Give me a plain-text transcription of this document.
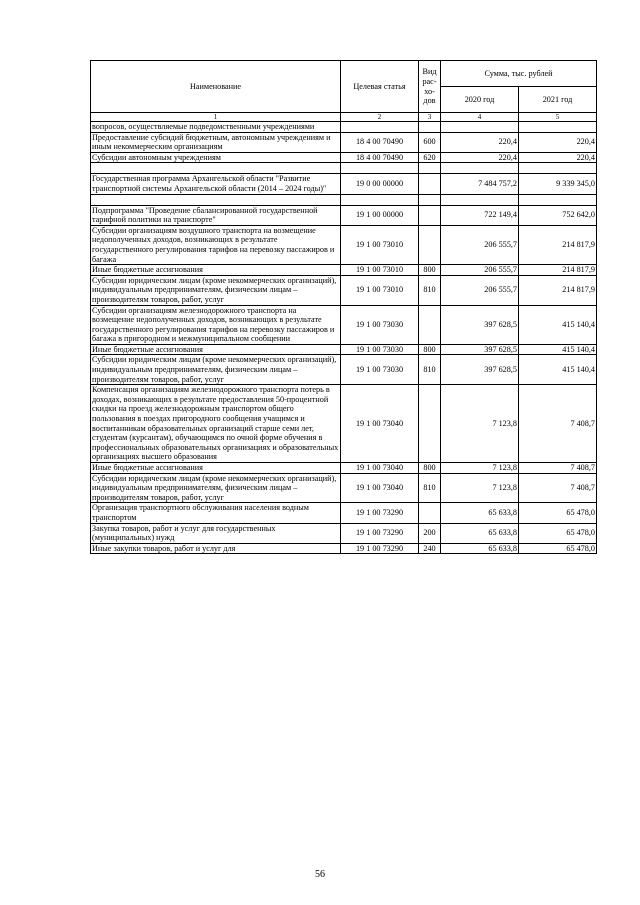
Наименование	Целевая статья	Вид рас-хо-дов	Сумма, тыс. рублей	
			2020 год	2021 год
1	2	3	4	5
вопросов, осуществляемые подведомственными учреждениями				
Предоставление субсидий бюджетным, автономным учреждениям и иным некоммерческим организациям	18 4 00 70490	600	220,4	220,4
Субсидии автономным учреждениям	18 4 00 70490	620	220,4	220,4

Государственная программа Архангельской области "Развитие транспортной системы Архангельской области (2014 – 2024 годы)"	19 0 00 00000		7 484 757,2	9 339 345,0

Подпрограмма "Проведение сбалансированной государственной тарифной политики на транспорте"	19 1 00 00000		722 149,4	752 642,0
Субсидии организациям воздушного транспорта на возмещение недополученных доходов, возникающих в результате государственного регулирования тарифов на перевозку пассажиров и багажа	19 1 00 73010		206 555,7	214 817,9
Иные бюджетные ассигнования	19 1 00 73010	800	206 555,7	214 817,9
Субсидии юридическим лицам (кроме некоммерческих организаций), индивидуальным предпринимателям, физическим лицам – производителям товаров, работ, услуг	19 1 00 73010	810	206 555,7	214 817,9
Субсидии организациям железнодорожного транспорта на возмещение недополученных доходов, возникающих в результате государственного регулирования тарифов на перевозку пассажиров и багажа в пригородном и межмуниципальном сообщении	19 1 00 73030		397 628,5	415 140,4
Иные бюджетные ассигнования	19 1 00 73030	800	397 628,5	415 140,4
Субсидии юридическим лицам (кроме некоммерческих организаций), индивидуальным предпринимателям, физическим лицам – производителям товаров, работ, услуг	19 1 00 73030	810	397 628,5	415 140,4
Компенсация организациям железнодорожного транспорта потерь в доходах, возникающих в результате предоставления 50-процентной скидки на проезд железнодорожным транспортом общего пользования в поездах пригородного сообщения учащимся и воспитанникам образовательных организаций старше семи лет, студентам (курсантам), обучающимся по очной форме обучения в профессиональных образовательных организациях и образовательных организациях высшего образования	19 1 00 73040		7 123,8	7 408,7
Иные бюджетные ассигнования	19 1 00 73040	800	7 123,8	7 408,7
Субсидии юридическим лицам (кроме некоммерческих организаций), индивидуальным предпринимателям, физическим лицам – производителям товаров, работ, услуг	19 1 00 73040	810	7 123,8	7 408,7
Организация транспортного обслуживания населения водным транспортом	19 1 00 73290		65 633,8	65 478,0
Закупка товаров, работ и услуг для государственных (муниципальных) нужд	19 1 00 73290	200	65 633,8	65 478,0
Иные закупки товаров, работ и услуг для	19 1 00 73290	240	65 633,8	65 478,0
56
